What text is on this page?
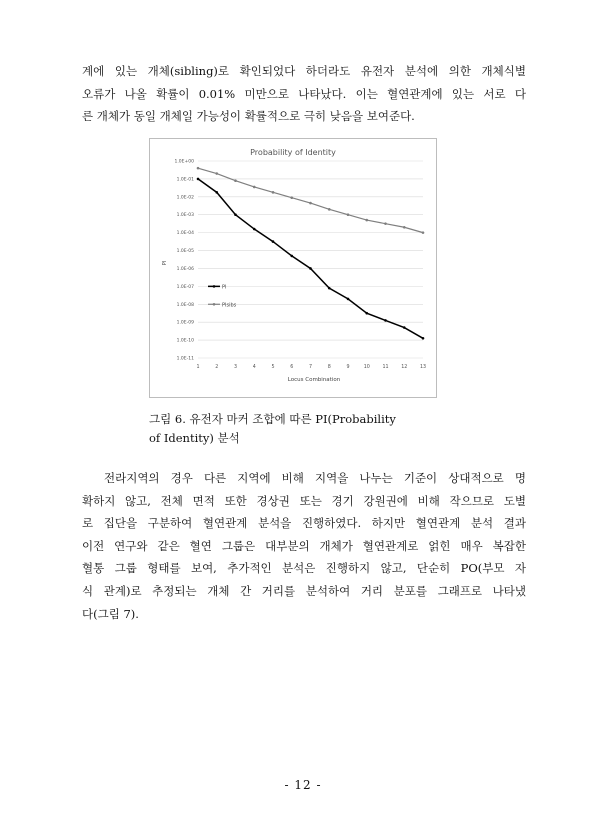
계에 있는 개체(sibling)로 확인되었다 하더라도 유전자 분석에 의한 개체식별
오류가 나올 확률이 0.01% 미만으로 나타났다. 이는 혈연관계에 있는 서로 다
른 개체가 동일 개체일 가능성이 확률적으로 극히 낮음을 보여준다.

Probability of Identity
PI
Locus Combination
1.0E+00
1.0E-01
1.0E-02
1.0E-03
1.0E-04
1.0E-05
1.0E-06
1.0E-07
1.0E-08
1.0E-09
1.0E-10
1.0E-11
1	2	3	4	5	6	7	8	9	10	11	12	13
PI
PIsibs
그림 6. 유전자 마커 조합에 따른 PI(Probability
of Identity) 분석

전라지역의 경우 다른 지역에 비해 지역을 나누는 기준이 상대적으로 명
확하지 않고, 전체 면적 또한 경상권 또는 경기 강원권에 비해 작으므로 도별
로 집단을 구분하여 혈연관계 분석을 진행하였다. 하지만 혈연관계 분석 결과
이전 연구와 같은 혈연 그룹은 대부분의 개체가 혈연관계로 얽힌 매우 복잡한
혈통 그룹 형태를 보여, 추가적인 분석은 진행하지 않고, 단순히 PO(부모 자
식 관계)로 추정되는 개체 간 거리를 분석하여 거리 분포를 그래프로 나타냈
다(그림 7).

- 12 -
